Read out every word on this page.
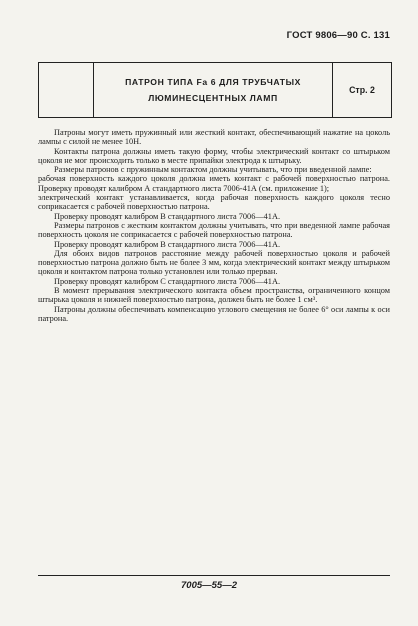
ГОСТ 9806—90 С. 131
ПАТРОН ТИПА Fa 6 ДЛЯ ТРУБЧАТЫХ
ЛЮМИНЕСЦЕНТНЫХ ЛАМП
Стр. 2

Патроны могут иметь пружинный или жесткий контакт, обеспечивающий нажатие на цоколь лампы с силой не менее 10Н.

Контакты патрона должны иметь такую форму, чтобы электрический контакт со штырьком цоколя не мог происходить только в месте припайки электрода к штырьку.

Размеры патронов с пружинным контактом должны учитывать, что при введенной лампе:

рабочая поверхность каждого цоколя должна иметь контакт с рабочей поверхностью патрона. Проверку проводят калибром А стандартного листа 7006-41А (см. приложение 1);

электрический контакт устанавливается, когда рабочая поверхность каждого цоколя тесно соприкасается с рабочей поверхностью патрона.

Проверку проводят калибром В стандартного листа 7006—41А.

Размеры патронов с жестким контактом должны учитывать, что при введенной лампе рабочая поверхность цоколя не соприкасается с рабочей поверхностью патрона.

Проверку проводят калибром В стандартного листа 7006—41А.

Для обоих видов патронов расстояние между рабочей поверхностью цоколя и рабочей поверхностью патрона должно быть не более 3 мм, когда электрический контакт между штырьком цоколя и контактом патрона только установлен или только прерван.

Проверку проводят калибром С стандартного листа 7006—41А.

В момент прерывания электрического контакта объем пространства, ограниченного концом штырька цоколя и нижней поверхностью патрона, должен быть не более 1 см³.

Патроны должны обеспечивать компенсацию углового смещения не более 6° оси лампы к оси патрона.

7005—55—2
